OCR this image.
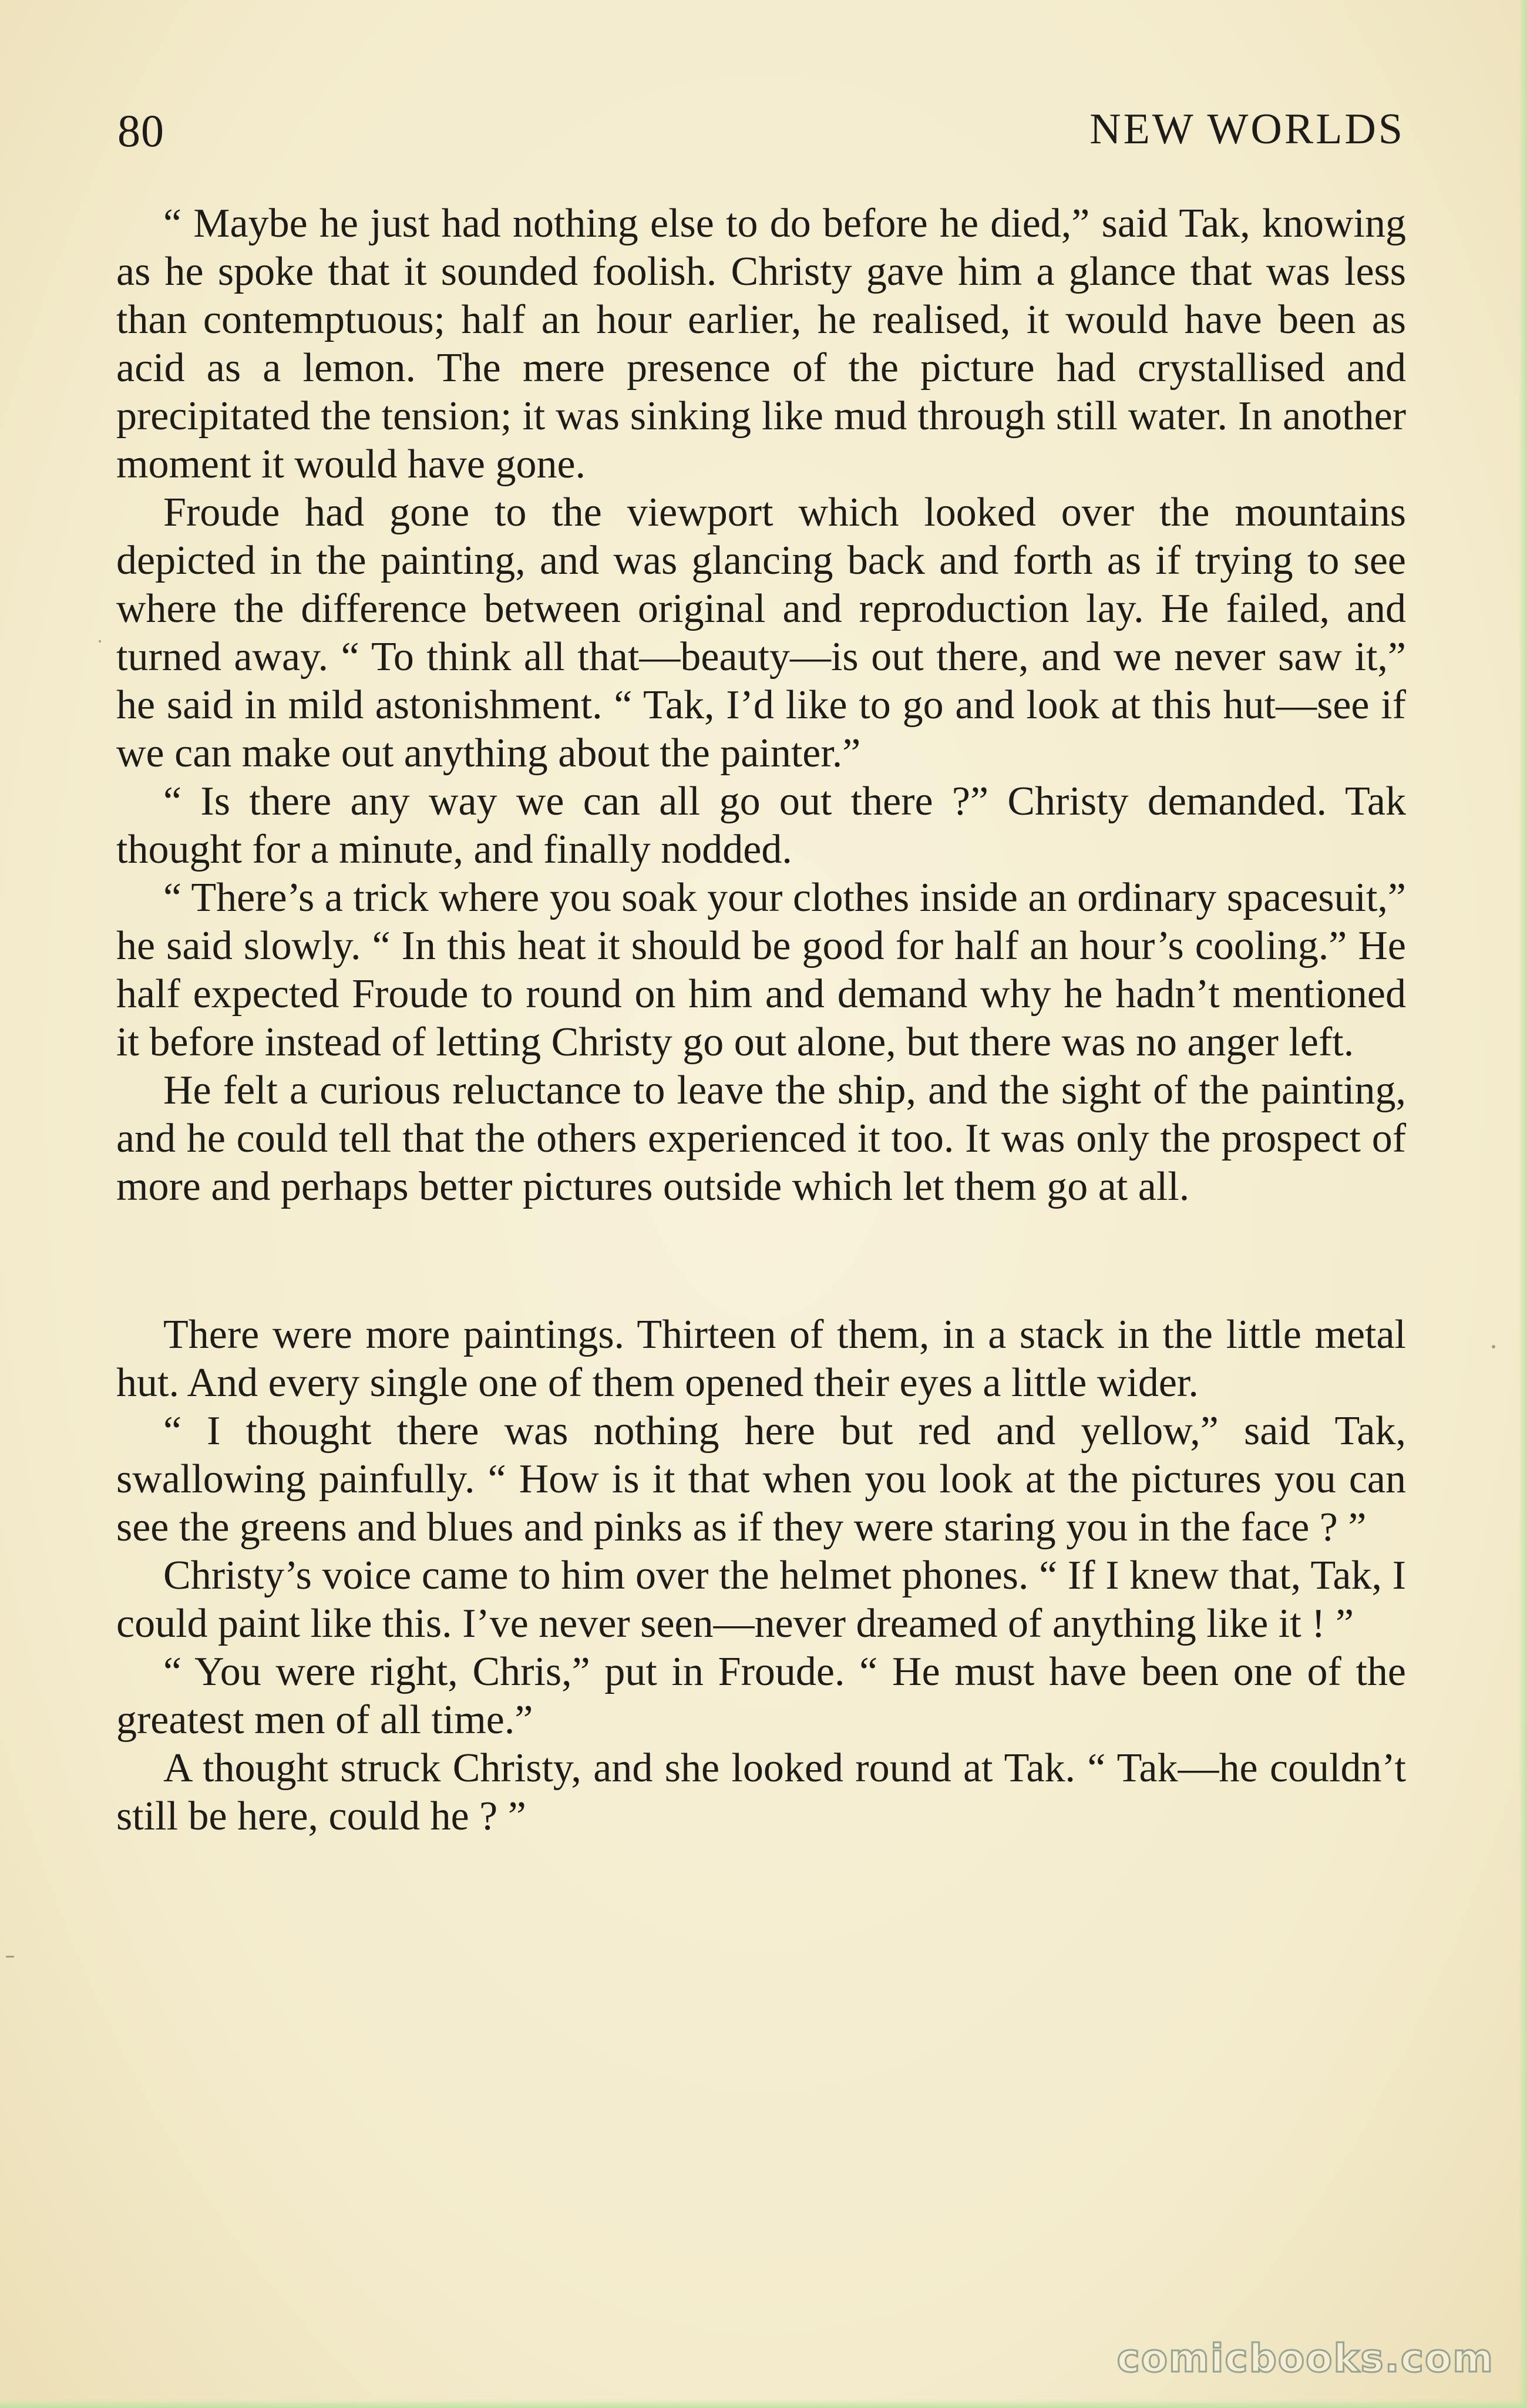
80	NEW WORLDS

“ Maybe he just had nothing else to do before he died,” said Tak, knowing as he spoke that it sounded foolish. Christy gave him a glance that was less than contemptuous; half an hour earlier, he realised, it would have been as acid as a lemon. The mere presence of the picture had crystallised and precipitated the tension; it was sinking like mud through still water. In another moment it would have gone.

Froude had gone to the viewport which looked over the mountains depicted in the painting, and was glancing back and forth as if trying to see where the difference between original and reproduction lay. He failed, and turned away. “ To think all that—beauty—is out there, and we never saw it,” he said in mild astonishment. “ Tak, I’d like to go and look at this hut—see if we can make out anything about the painter.”

“ Is there any way we can all go out there ?” Christy demanded. Tak thought for a minute, and finally nodded.

“ There’s a trick where you soak your clothes inside an ordinary spacesuit,” he said slowly. “ In this heat it should be good for half an hour’s cooling.” He half expected Froude to round on him and demand why he hadn’t mentioned it before instead of letting Christy go out alone, but there was no anger left.

He felt a curious reluctance to leave the ship, and the sight of the painting, and he could tell that the others experienced it too. It was only the prospect of more and perhaps better pictures outside which let them go at all.

There were more paintings. Thirteen of them, in a stack in the little metal hut. And every single one of them opened their eyes a little wider.

“ I thought there was nothing here but red and yellow,” said Tak, swallowing painfully. “ How is it that when you look at the pictures you can see the greens and blues and pinks as if they were staring you in the face ? ”

Christy’s voice came to him over the helmet phones. “ If I knew that, Tak, I could paint like this. I’ve never seen—never dreamed of anything like it ! ”

“ You were right, Chris,” put in Froude. “ He must have been one of the greatest men of all time.”

A thought struck Christy, and she looked round at Tak. “ Tak—he couldn’t still be here, could he ? ”

comicbooks.com
